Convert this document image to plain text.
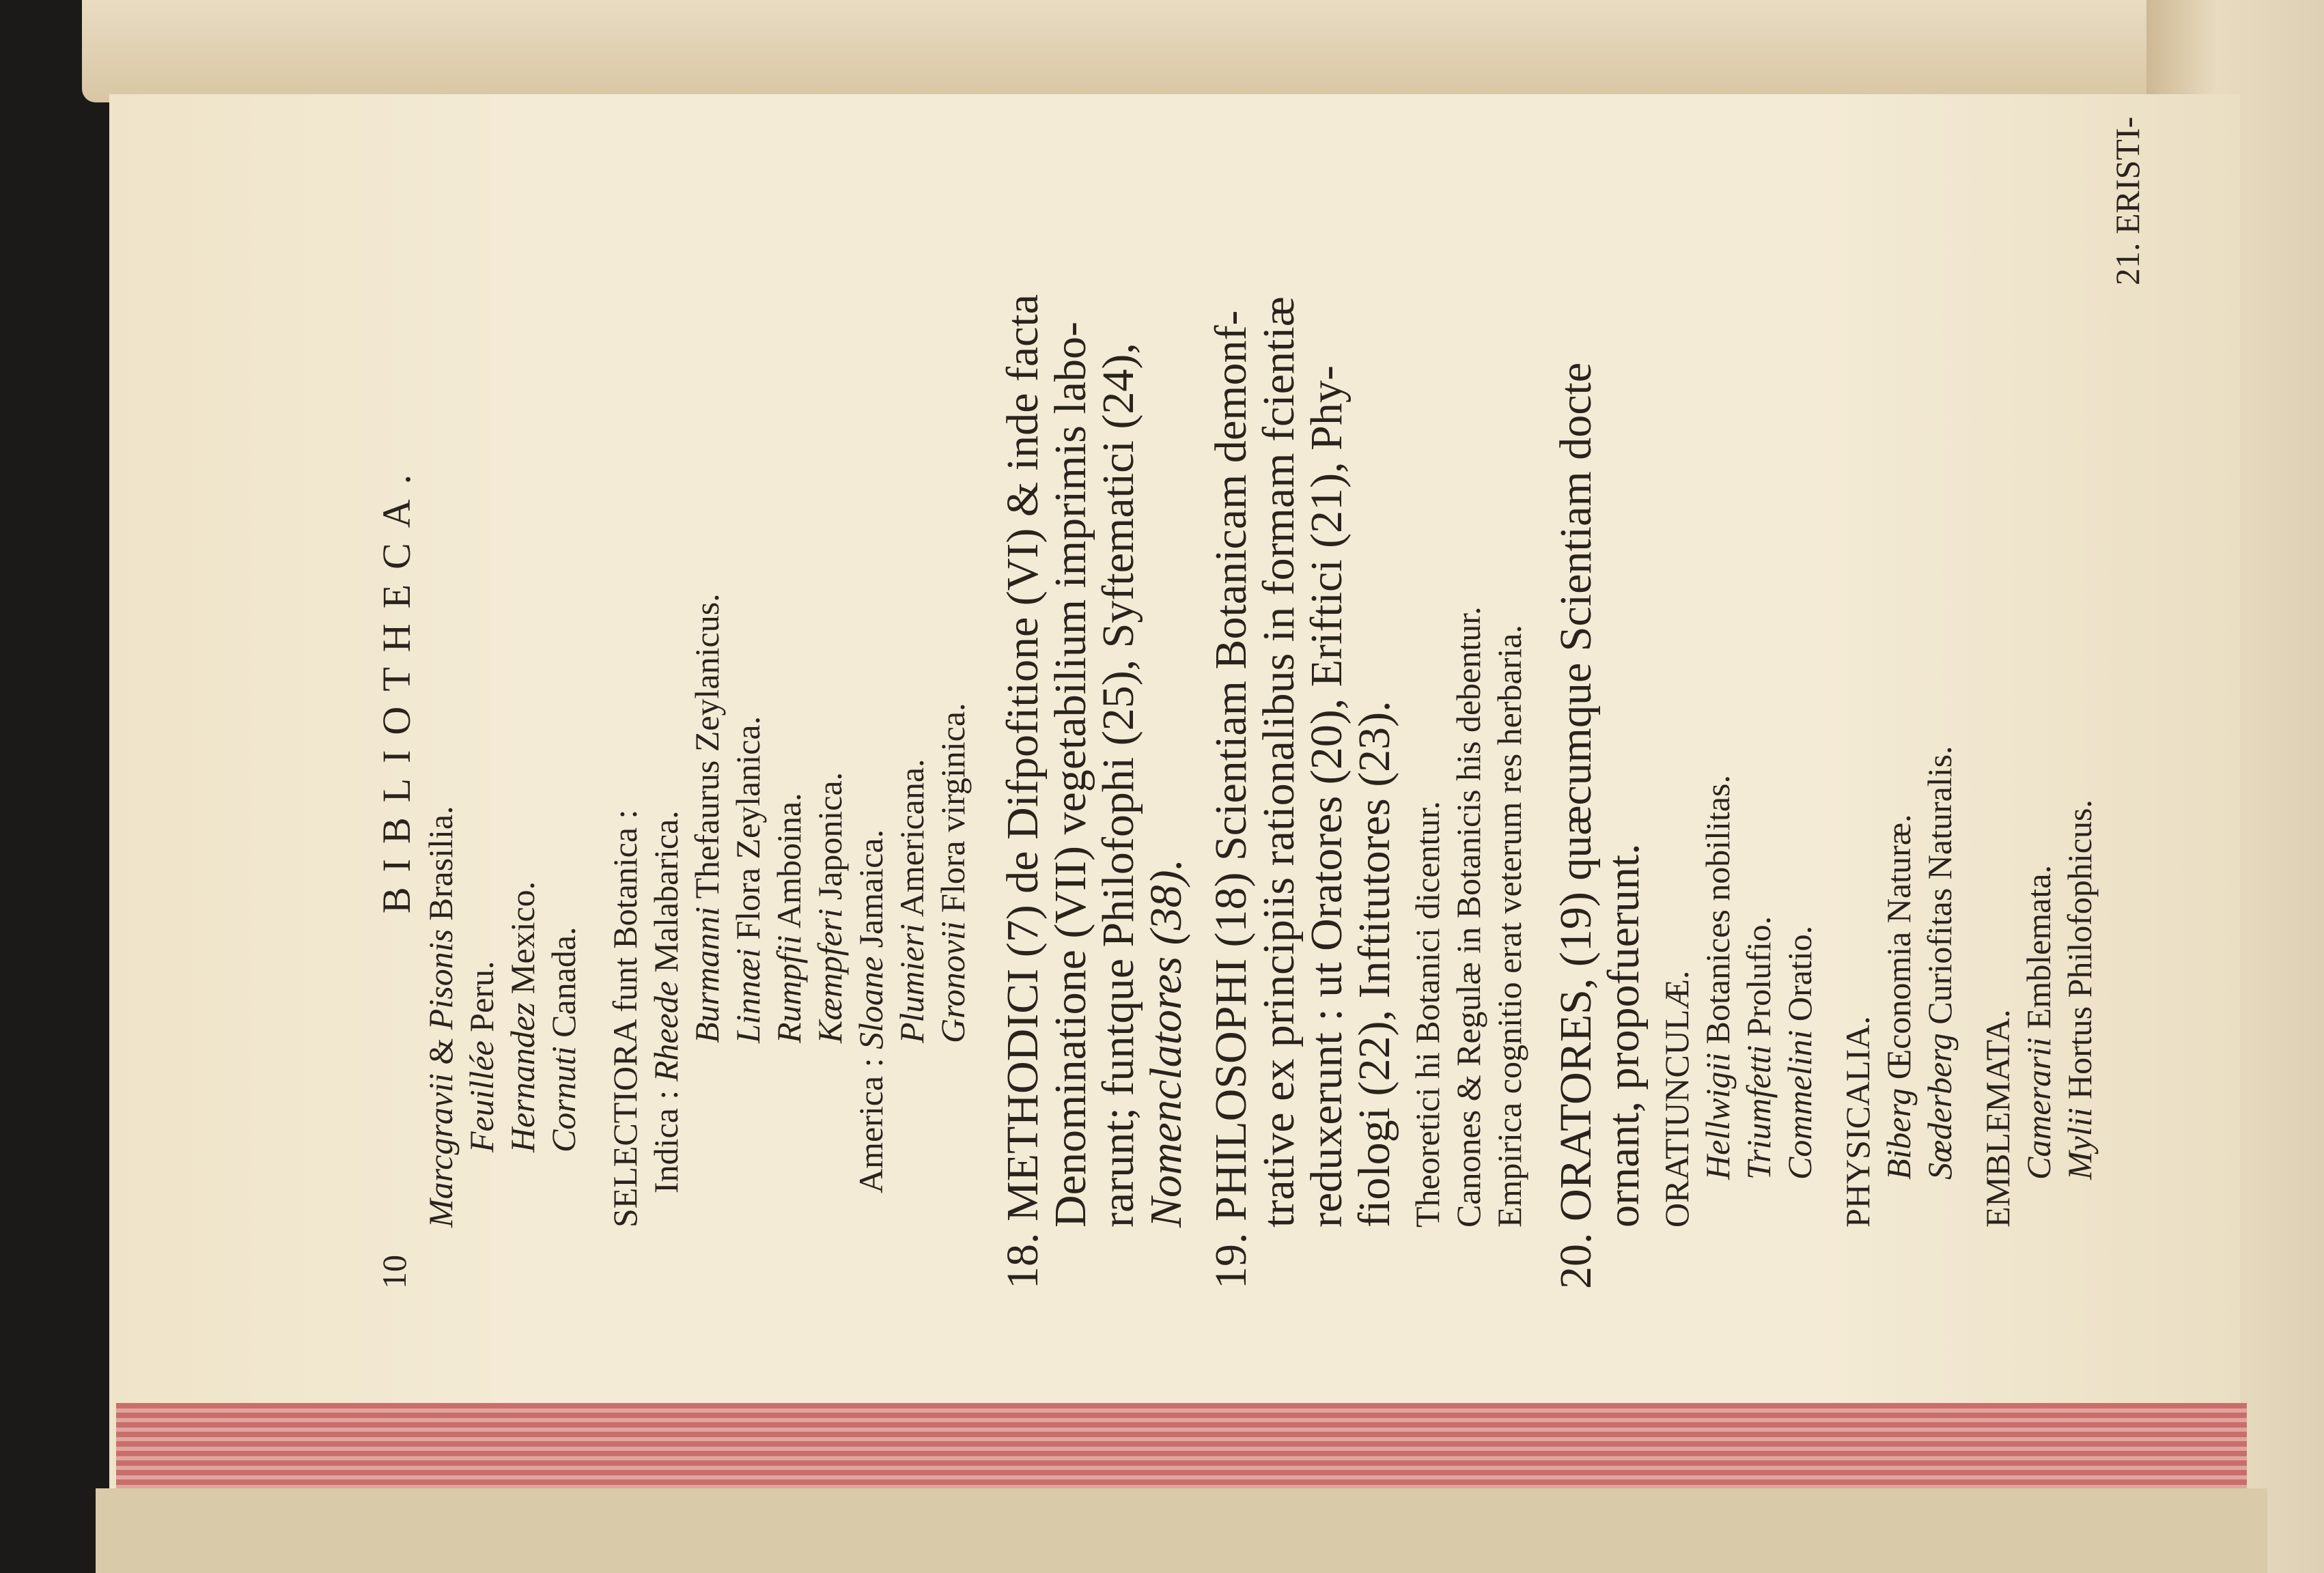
10
BIBLIOTHECA.
Marcgravii & Pisonis Brasilia.
Feuillée Peru.
Hernandez Mexico.
Cornuti Canada. SELECTIORA funt Botanica : Indica : Rheede Malabarica.
Burmanni Thefaurus Zeylanicus.
Linnæi Flora Zeylanica.
Rumpfii Amboina.
Kæmpferi Japonica.
America : Sloane Jamaica.
Plumieri Americana.
Gronovii Flora virginica. 18. METHODICI (7) de Difpofitione (VI) & inde facta
Denominatione (VII) vegetabilium imprimis labo-
rarunt; funtque Philofophi (25), Syftematici (24),
Nomenclatores (38). 19. PHILOSOPHI (18) Scientiam Botanicam demonf-
trative ex principiis rationalibus in formam fcientiæ
reduxerunt : ut Oratores (20), Eriftici (21), Phy-
fiologi (22), Inftitutores (23). Theoretici hi Botanici dicentur. Canones & Regulæ in Botanicis his debentur. Empirica cognitio erat veterum res herbaria. 20. ORATORES, (19) quæcumque Scientiam docte
ornant, propofuerunt. ORATIUNCULÆ. Hellwigii Botanices nobilitas.
Triumfetti Prolufio.
Commelini Oratio.
PHYSICALIA. Biberg Œconomia Naturæ.
Sœderberg Curiofitas Naturalis.
EMBLEMATA. Camerarii Emblemata.
Mylii Hortus Philofophicus.
21. ERISTI-
